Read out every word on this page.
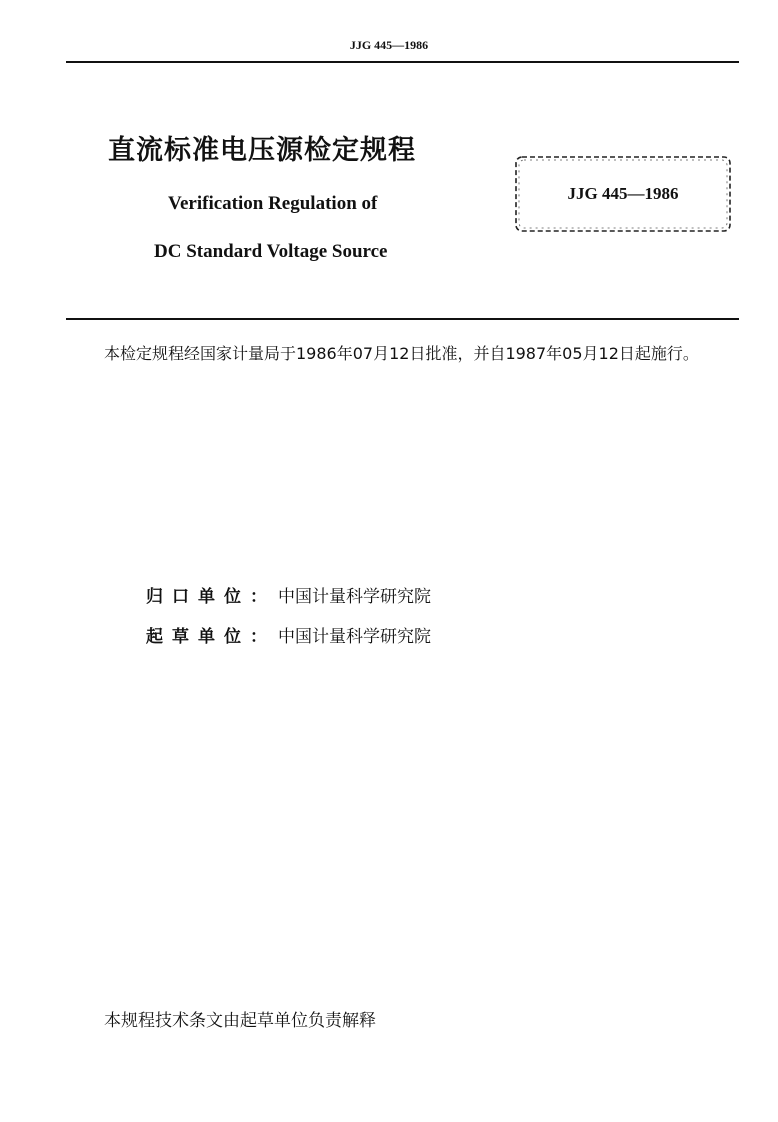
JJG 445—1986
直流标准电压源检定规程
Verification Regulation of
DC Standard Voltage Source
JJG 445—1986
本检定规程经国家计量局于1986年07月12日批准，并自1987年05月12日起施行。
归口单位： 中国计量科学研究院
起草单位： 中国计量科学研究院
本规程技术条文由起草单位负责解释
